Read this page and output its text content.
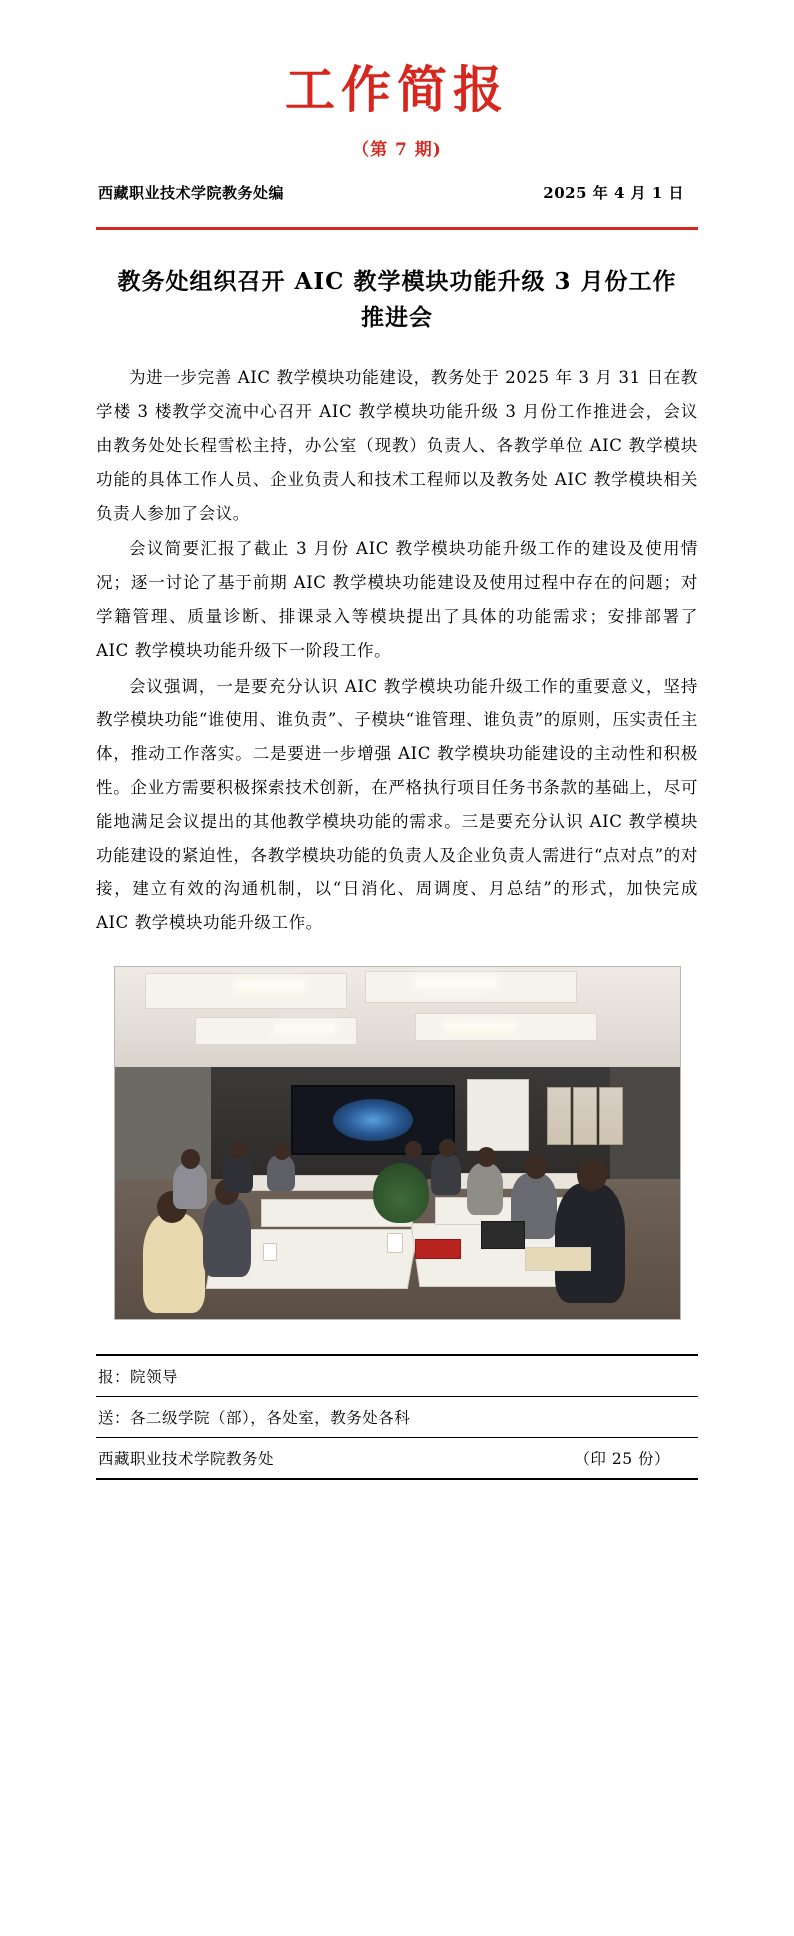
工作简报
（第 7 期)
西藏职业技术学院教务处编	2025 年 4 月 1 日
教务处组织召开 AIC 教学模块功能升级 3 月份工作推进会

为进一步完善 AIC 教学模块功能建设，教务处于 2025 年 3 月 31 日在教学楼 3 楼教学交流中心召开 AIC 教学模块功能升级 3 月份工作推进会，会议由教务处处长程雪松主持，办公室（现教）负责人、各教学单位 AIC 教学模块功能的具体工作人员、企业负责人和技术工程师以及教务处 AIC 教学模块相关负责人参加了会议。

会议简要汇报了截止 3 月份 AIC 教学模块功能升级工作的建设及使用情况；逐一讨论了基于前期 AIC 教学模块功能建设及使用过程中存在的问题；对学籍管理、质量诊断、排课录入等模块提出了具体的功能需求；安排部署了 AIC 教学模块功能升级下一阶段工作。

会议强调，一是要充分认识 AIC 教学模块功能升级工作的重要意义，坚持教学模块功能“谁使用、谁负责”、子模块“谁管理、谁负责”的原则，压实责任主体，推动工作落实。二是要进一步增强 AIC 教学模块功能建设的主动性和积极性。企业方需要积极探索技术创新，在严格执行项目任务书条款的基础上，尽可能地满足会议提出的其他教学模块功能的需求。三是要充分认识 AIC 教学模块功能建设的紧迫性，各教学模块功能的负责人及企业负责人需进行“点对点”的对接，建立有效的沟通机制，以“日消化、周调度、月总结”的形式，加快完成 AIC 教学模块功能升级工作。

报：院领导
送：各二级学院（部），各处室，教务处各科
西藏职业技术学院教务处	（印 25 份）
